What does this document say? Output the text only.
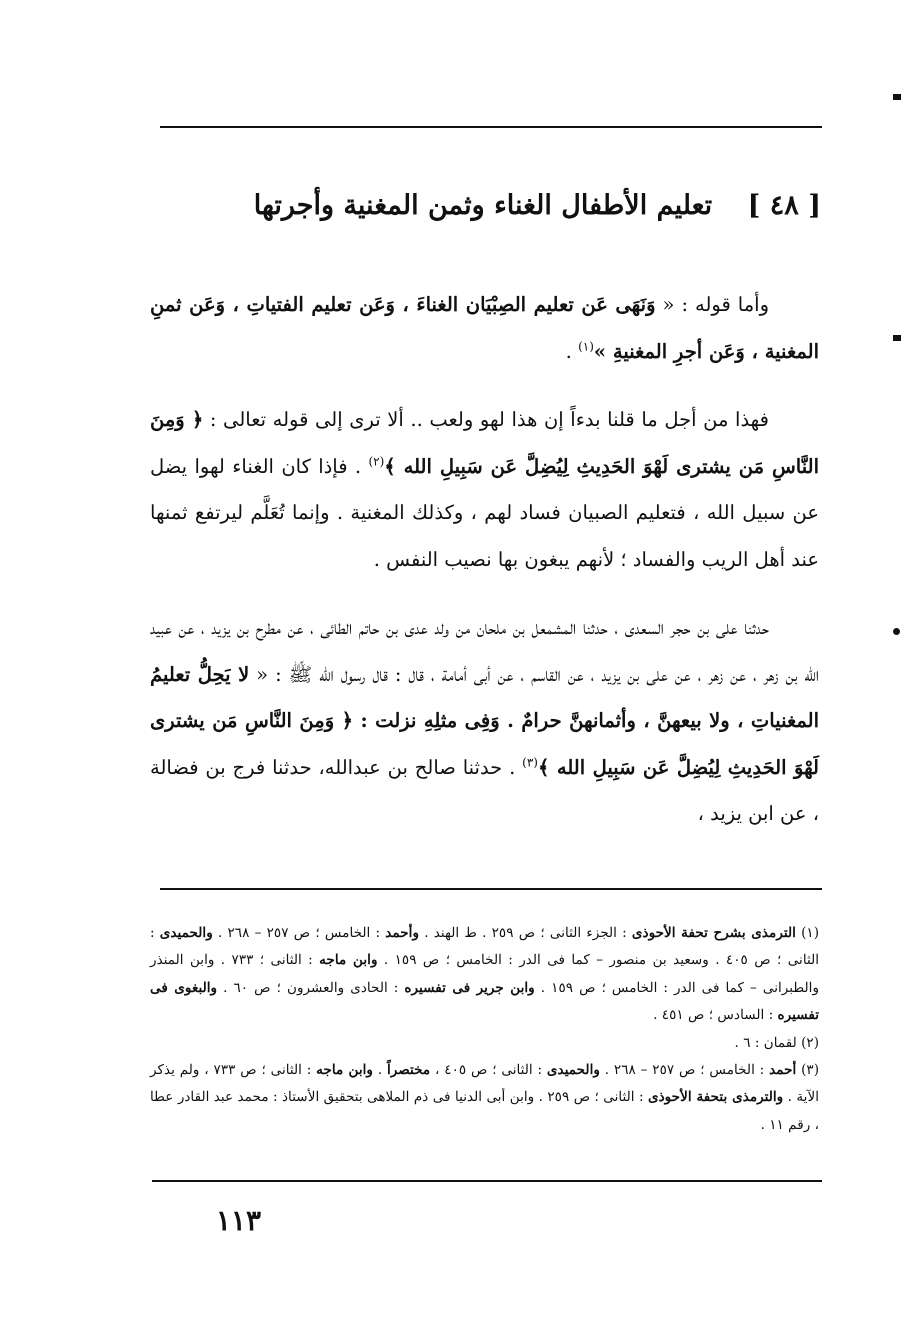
[ ٤٨ ] تعليم الأطفال الغناء وثمن المغنية وأجرتها

وأما قوله : « وَنَهَى عَن تعليم الصِبْيَان الغناءَ ، وَعَن تعليم الفتياتِ ، وَعَن ثمنِ المغنية ، وَعَن أجرِ المغنيةِ »$^{(١)}$ .

فهذا من أجل ما قلنا بدءاً إن هذا لهو ولعب .. ألا ترى إلى قوله تعالى : ﴿ وَمِنَ النَّاسِ مَن يشترى لَهْوَ الحَدِيثِ لِيُضِلَّ عَن سَبِيلِ الله ﴾$^{(٢)}$ . فإذا كان الغناء لهوا يضل عن سبيل الله ، فتعليم الصبيان فساد لهم ، وكذلك المغنية . وإنما تُعَلَّم ليرتفع ثمنها عند أهل الريب والفساد ؛ لأنهم يبغون بها نصيب النفس .

حدثنا على بن حجر السعدى ، حدثنا المشمعل بن ملحان من ولد عدى بن حاتم الطائى ، عن مطرح بن يزيد ، عن عبيد الله بن زهر ، عن زهر ، عن على بن يزيد ، عن القاسم ، عن أبى أمامة ، قال : قال رسول الله ﷺ : « لا يَحِلُّ تعليمُ المغنياتِ ، ولا بيعهنَّ ، وأثمانهنَّ حرامٌ . وَفِى مثلِهِ نزلت : ﴿ وَمِنَ النَّاسِ مَن يشترى لَهْوَ الحَدِيثِ لِيُضِلَّ عَن سَبِيلِ الله ﴾$^{(٣)}$ . حدثنا صالح بن عبدالله، حدثنا فرج بن فضالة ، عن ابن يزيد ،

(١) الترمذى بشرح تحفة الأحوذى : الجزء الثانى ؛ ص ٢٥٩ . ط الهند . وأحمد : الخامس ؛ ص ٢٥٧ – ٢٦٨ . والحميدى : الثانى ؛ ص ٤٠٥ . وسعيد بن منصور – كما فى الدر : الخامس ؛ ص ١٥٩ . وابن ماجه : الثانى ؛ ٧٣٣ . وابن المنذر والطبرانى – كما فى الدر : الخامس ؛ ص ١٥٩ . وابن جرير فى تفسيره : الحادى والعشرون ؛ ص ٦٠ . والبغوى فى تفسيره : السادس ؛ ص ٤٥١ .

(٢) لقمان : ٦ .

(٣) أحمد : الخامس ؛ ص ٢٥٧ – ٢٦٨ . والحميدى : الثانى ؛ ص ٤٠٥ ، مختصراً . وابن ماجه : الثانى ؛ ص ٧٣٣ ، ولم يذكر الآية . والترمذى بتحفة الأحوذى : الثانى ؛ ص ٢٥٩ . وابن أبى الدنيا فى ذم الملاهى بتحقيق الأستاذ : محمد عبد القادر عطا ، رقم ١١ .

١١٣
